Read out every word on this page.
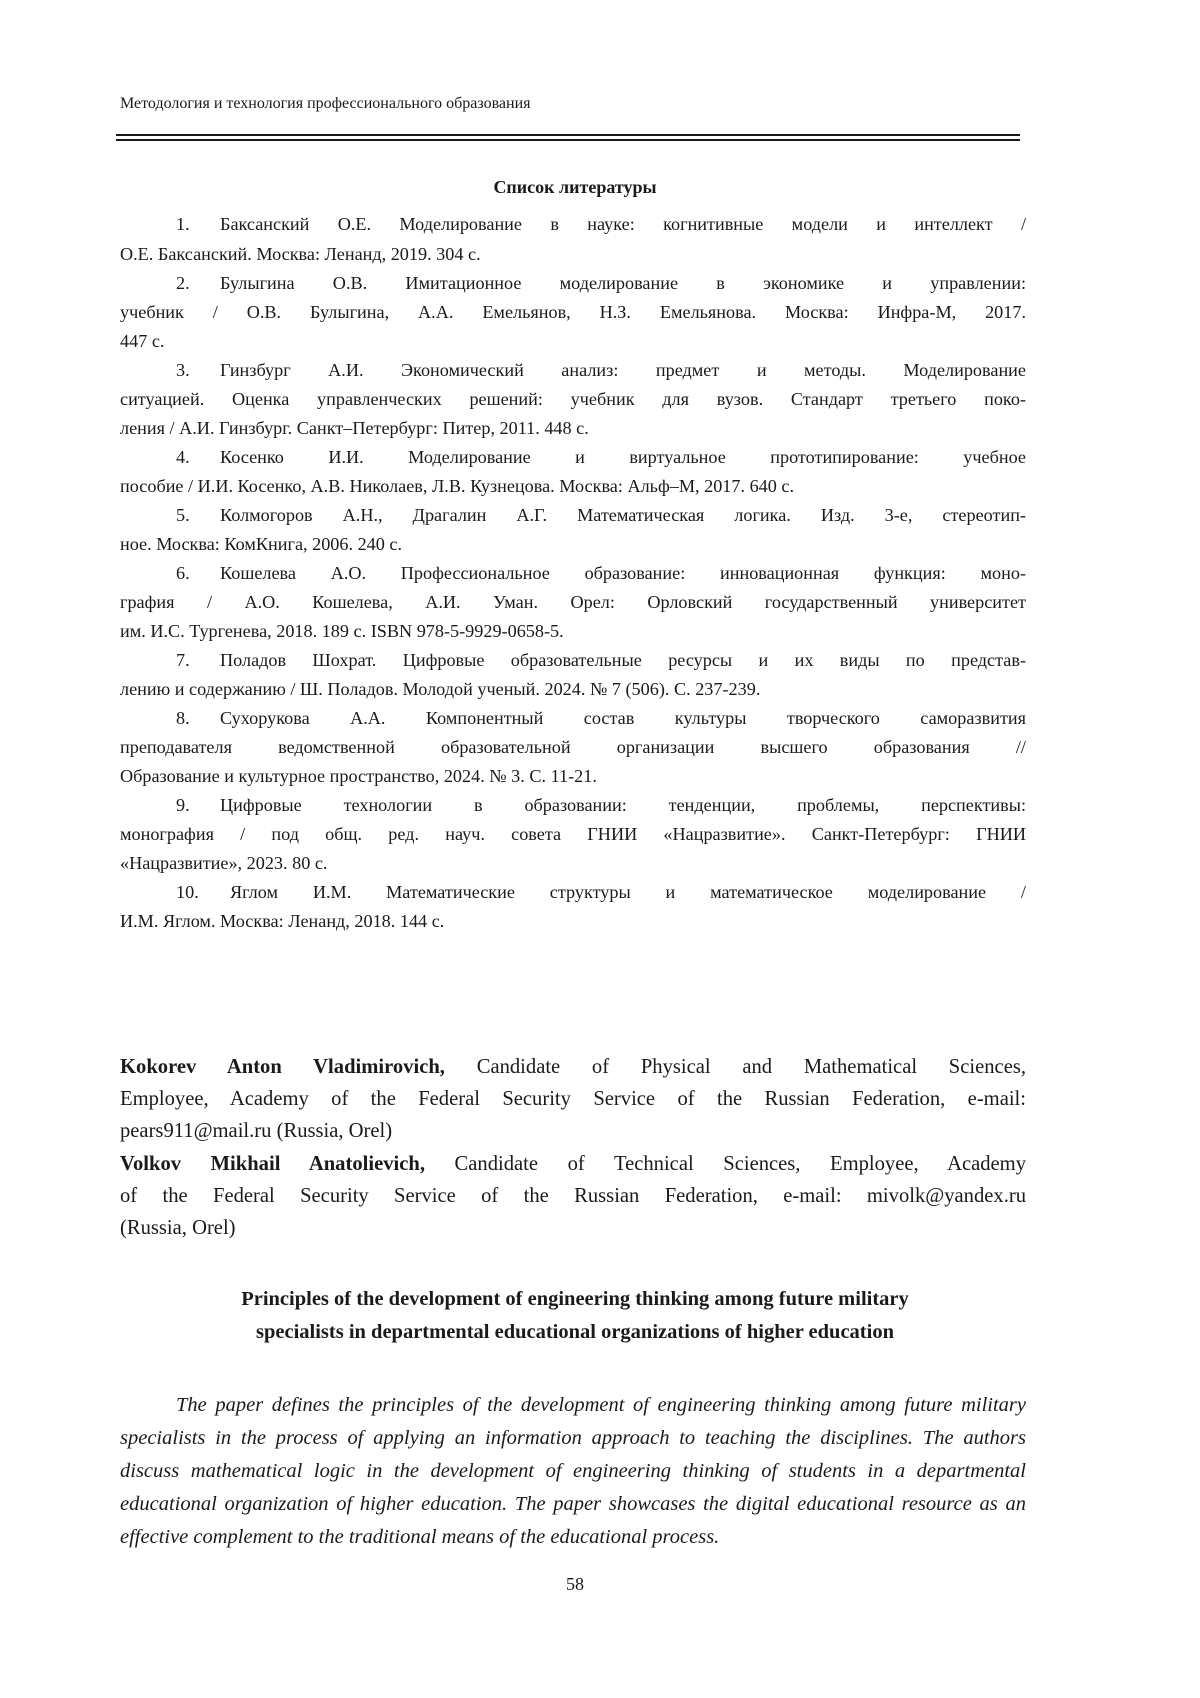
Методология и технология профессионального образования
Список литературы
1. Баксанский О.Е. Моделирование в науке: когнитивные модели и интеллект /
О.Е. Баксанский. Москва: Ленанд, 2019. 304 с.
2. Булыгина О.В. Имитационное моделирование в экономике и управлении:
учебник / О.В. Булыгина, А.А. Емельянов, Н.З. Емельянова. Москва: Инфра-М, 2017.
447 с.
3. Гинзбург А.И. Экономический анализ: предмет и методы. Моделирование
ситуацией. Оценка управленческих решений: учебник для вузов. Стандарт третьего поко-
ления / А.И. Гинзбург. Санкт–Петербург: Питер, 2011. 448 с.
4. Косенко И.И. Моделирование и виртуальное прототипирование: учебное
пособие / И.И. Косенко, А.В. Николаев, Л.В. Кузнецова. Москва: Альф–М, 2017. 640 с.
5. Колмогоров А.Н., Драгалин А.Г. Математическая логика. Изд. 3-е, стереотип-
ное. Москва: КомКнига, 2006. 240 с.
6. Кошелева А.О. Профессиональное образование: инновационная функция: моно-
графия / А.О. Кошелева, А.И. Уман. Орел: Орловский государственный университет
им. И.С. Тургенева, 2018. 189 с. ISBN 978-5-9929-0658-5.
7. Поладов Шохрат. Цифровые образовательные ресурсы и их виды по представ-
лению и содержанию / Ш. Поладов. Молодой ученый. 2024. № 7 (506). С. 237-239.
8. Сухорукова А.А. Компонентный состав культуры творческого саморазвития
преподавателя ведомственной образовательной организации высшего образования //
Образование и культурное пространство, 2024. № 3. С. 11-21.
9. Цифровые технологии в образовании: тенденции, проблемы, перспективы:
монография / под общ. ред. науч. совета ГНИИ «Нацразвитие». Санкт-Петербург: ГНИИ
«Нацразвитие», 2023. 80 с.
10. Яглом И.М. Математические структуры и математическое моделирование /
И.М. Яглом. Москва: Ленанд, 2018. 144 с.
Kokorev Anton Vladimirovich, Candidate of Physical and Mathematical Sciences,
Employee, Academy of the Federal Security Service of the Russian Federation, e-mail:
pears911@mail.ru (Russia, Orel)
Volkov Mikhail Anatolievich, Candidate of Technical Sciences, Employee, Academy
of the Federal Security Service of the Russian Federation, e-mail: mivolk@yandex.ru
(Russia, Orel)
Principles of the development of engineering thinking among future military
specialists in departmental educational organizations of higher education
The paper defines the principles of the development of engineering thinking among future military
specialists in the process of applying an information approach to teaching the disciplines. The authors
discuss mathematical logic in the development of engineering thinking of students in a departmental
educational organization of higher education. The paper showcases the digital educational resource as an
effective complement to the traditional means of the educational process.
58
